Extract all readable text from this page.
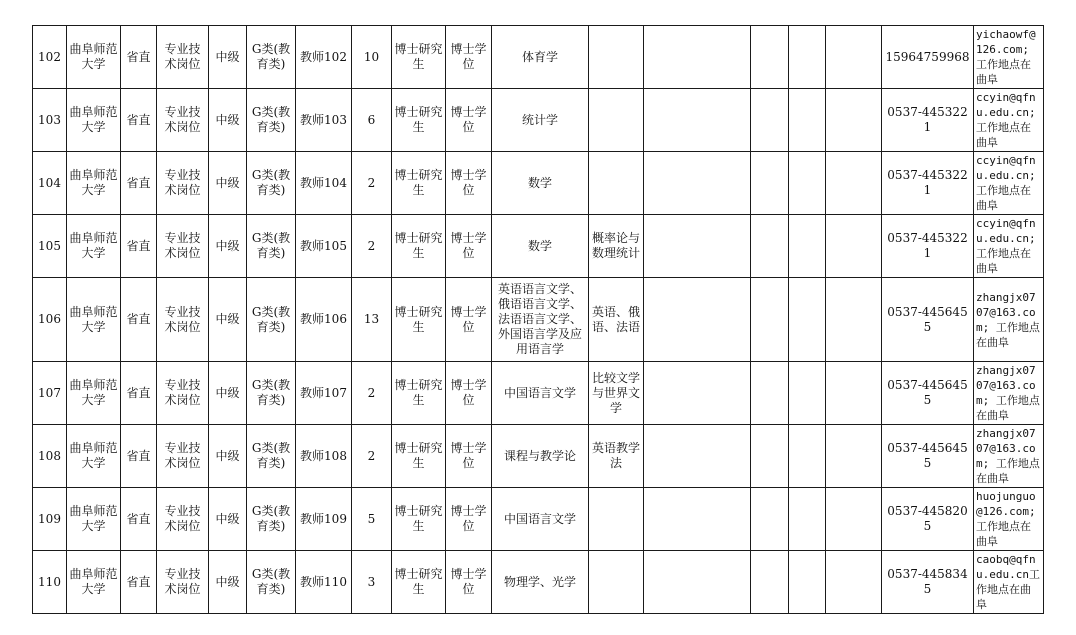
102	曲阜师范大学	省直	专业技术岗位	中级	G类(教育类)	教师102	10	博士研究生	博士学位	体育学						15964759968	yichaowf@126.com; 工作地点在曲阜
103	曲阜师范大学	省直	专业技术岗位	中级	G类(教育类)	教师103	6	博士研究生	博士学位	统计学						0537-4453221	ccyin@qfnu.edu.cn; 工作地点在曲阜
104	曲阜师范大学	省直	专业技术岗位	中级	G类(教育类)	教师104	2	博士研究生	博士学位	数学						0537-4453221	ccyin@qfnu.edu.cn; 工作地点在曲阜
105	曲阜师范大学	省直	专业技术岗位	中级	G类(教育类)	教师105	2	博士研究生	博士学位	数学	概率论与数理统计					0537-4453221	ccyin@qfnu.edu.cn; 工作地点在曲阜
106	曲阜师范大学	省直	专业技术岗位	中级	G类(教育类)	教师106	13	博士研究生	博士学位	英语语言文学、俄语语言文学、法语语言文学、外国语言学及应用语言学	英语、俄语、法语					0537-4456455	zhangjx0707@163.com; 工作地点在曲阜
107	曲阜师范大学	省直	专业技术岗位	中级	G类(教育类)	教师107	2	博士研究生	博士学位	中国语言文学	比较文学与世界文学					0537-4456455	zhangjx0707@163.com; 工作地点在曲阜
108	曲阜师范大学	省直	专业技术岗位	中级	G类(教育类)	教师108	2	博士研究生	博士学位	课程与教学论	英语教学法					0537-4456455	zhangjx0707@163.com; 工作地点在曲阜
109	曲阜师范大学	省直	专业技术岗位	中级	G类(教育类)	教师109	5	博士研究生	博士学位	中国语言文学						0537-4458205	huojunguo@126.com; 工作地点在曲阜
110	曲阜师范大学	省直	专业技术岗位	中级	G类(教育类)	教师110	3	博士研究生	博士学位	物理学、光学						0537-4458345	caobq@qfnu.edu.cn工作地点在曲阜
